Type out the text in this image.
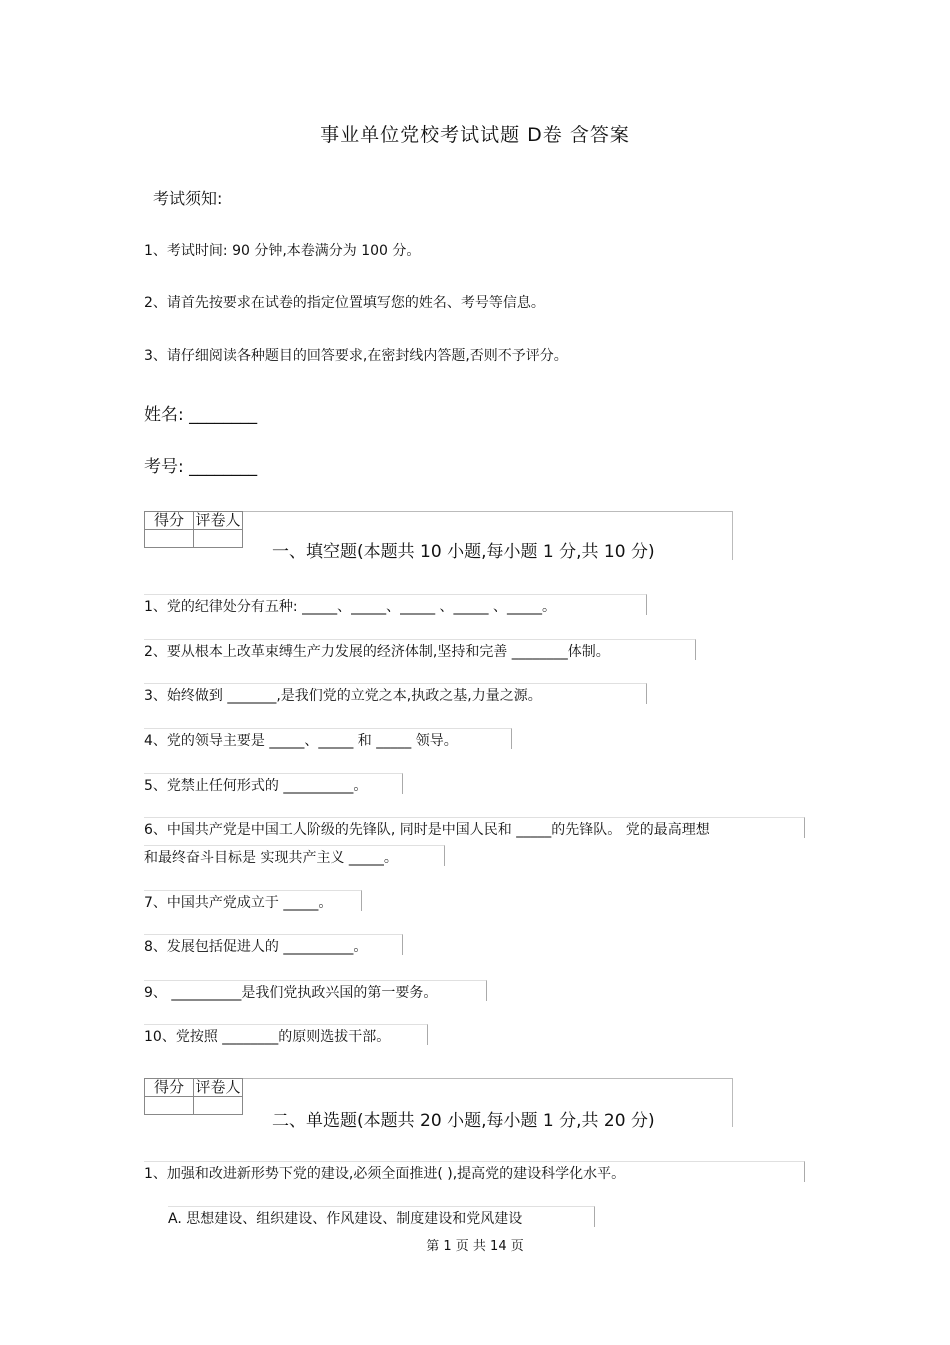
事业单位党校考试试题 D卷 含答案
考试须知:
1、考试时间: 90 分钟,本卷满分为 100 分。
2、请首先按要求在试卷的指定位置填写您的姓名、考号等信息。
3、请仔细阅读各种题目的回答要求,在密封线内答题,否则不予评分。
姓名: ________
考号: ________
得分	评卷人

一、填空题(本题共 10 小题,每小题 1 分,共 10 分)
1、党的纪律处分有五种: _____、_____、_____ 、_____ 、_____。
2、要从根本上改革束缚生产力发展的经济体制,坚持和完善 ________体制。
3、始终做到 _______,是我们党的立党之本,执政之基,力量之源。
4、党的领导主要是 _____、_____ 和 _____ 领导。
5、党禁止任何形式的 __________。
6、中国共产党是中国工人阶级的先锋队, 同时是中国人民和 _____的先锋队。 党的最高理想
和最终奋斗目标是 实现共产主义 _____。
7、中国共产党成立于 _____。
8、发展包括促进人的 __________。
9、 __________是我们党执政兴国的第一要务。
10、党按照 ________的原则选拔干部。
得分	评卷人

二、单选题(本题共 20 小题,每小题 1 分,共 20 分)
1、加强和改进新形势下党的建设,必须全面推进( ),提高党的建设科学化水平。
A. 思想建设、组织建设、作风建设、制度建设和党风建设
第 1 页 共 14 页
